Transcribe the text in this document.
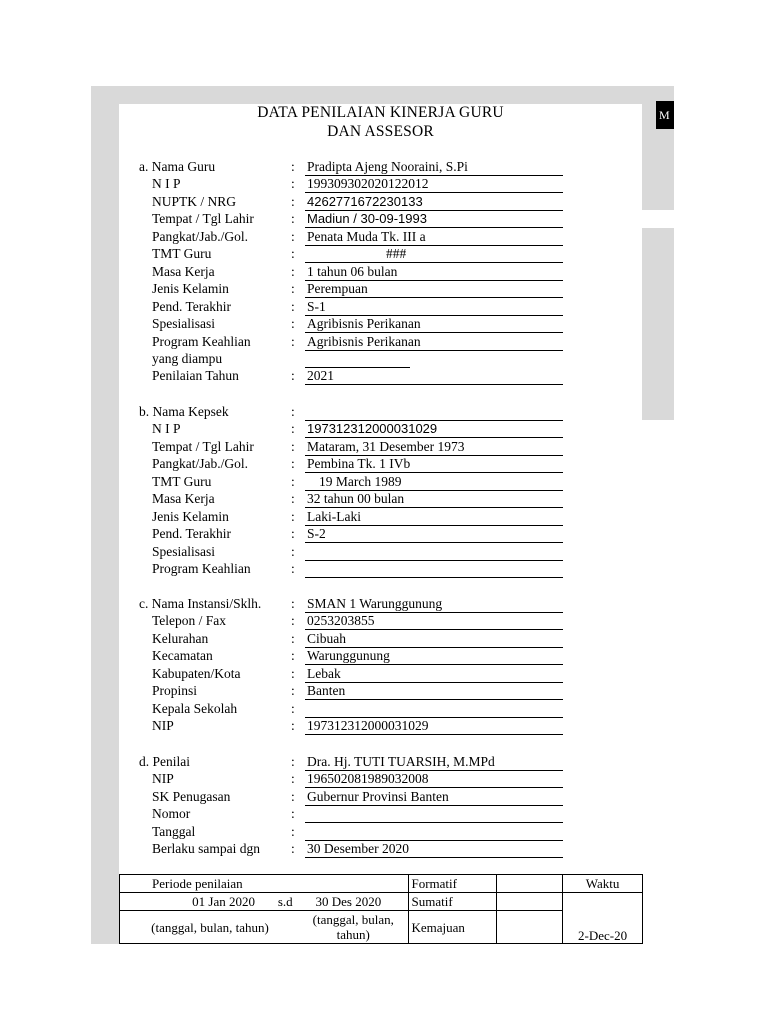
M
DATA PENILAIAN KINERJA GURU
DAN ASSESOR
a. Nama Guru	: Pradipta Ajeng Nooraini, S.Pi
N I P	: 199309302020122012
NUPTK / NRG	: 4262771672230133
Tempat / Tgl Lahir	: Madiun / 30-09-1993
Pangkat/Jab./Gol.	: Penata Muda Tk. III a
TMT Guru	:	###
Masa Kerja	: 1 tahun 06 bulan
Jenis Kelamin	: Perempuan
Pend. Terakhir	: S-1
Spesialisasi	: Agribisnis Perikanan
Program Keahlian	: Agribisnis Perikanan
yang diampu
Penilaian Tahun	: 2021
b. Nama Kepsek	:
N I P	: 197312312000031029
Tempat / Tgl Lahir	: Mataram, 31 Desember 1973
Pangkat/Jab./Gol.	: Pembina Tk. 1 IVb
TMT Guru	: 19 March 1989
Masa Kerja	: 32 tahun 00 bulan
Jenis Kelamin	: Laki-Laki
Pend. Terakhir	: S-2
Spesialisasi	:
Program Keahlian	:
c. Nama Instansi/Sklh. : SMAN 1 Warunggunung
Telepon / Fax	: 0253203855
Kelurahan	: Cibuah
Kecamatan	: Warunggunung
Kabupaten/Kota	: Lebak
Propinsi	: Banten
Kepala Sekolah	:
NIP	: 197312312000031029
d. Penilai	: Dra. Hj. TUTI TUARSIH, M.MPd
NIP	: 196502081989032008
SK Penugasan	: Gubernur Provinsi Banten
Nomor	:
Tanggal	:
Berlaku sampai dgn : 30 Desember 2020
Periode penilaian	Formatif		Waktu
01 Jan 2020 s.d 30 Des 2020	Sumatif		2-Dec-20
(tanggal, bulan, tahun) (tanggal, bulan, tahun)	Kemajuan		
